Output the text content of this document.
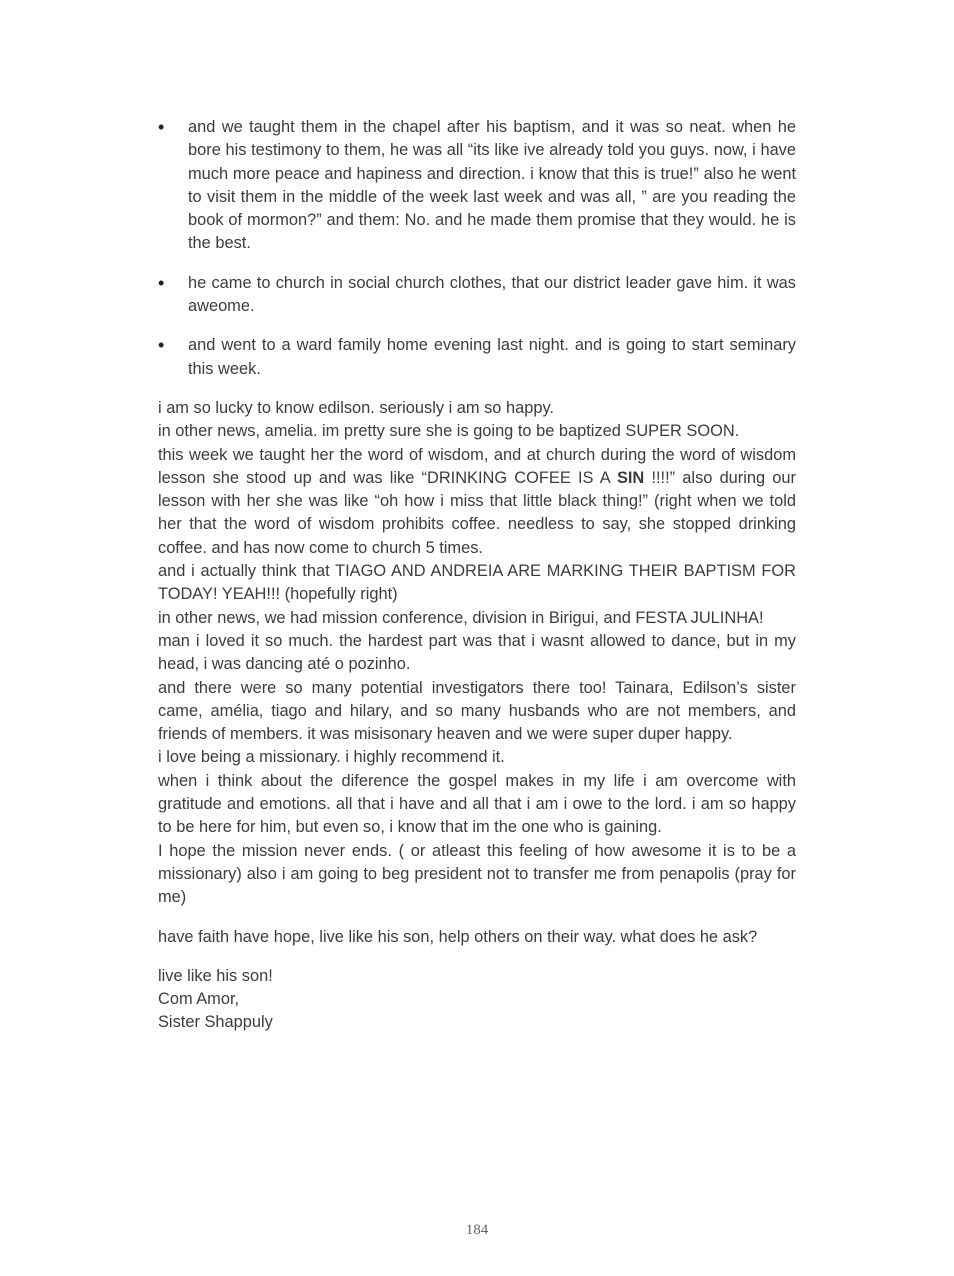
• and we taught them in the chapel after his baptism, and it was so neat. when he bore his testimony to them, he was all “its like ive already told you guys. now, i have much more peace and hapiness and direction. i know that this is true!” also he went to visit them in the middle of the week last week and was all, ” are you reading the book of mormon?” and them: No. and he made them promise that they would. he is the best.
• he came to church in social church clothes, that our district leader gave him. it was aweome.
• and went to a ward family home evening last night. and is going to start seminary this week.
i am so lucky to know edilson. seriously i am so happy.
in other news, amelia. im pretty sure she is going to be baptized SUPER SOON.
this week we taught her the word of wisdom, and at church during the word of wisdom lesson she stood up and was like “DRINKING COFEE IS A SIN !!!!” also during our lesson with her she was like “oh how i miss that little black thing!” (right when we told her that the word of wisdom prohibits coffee. needless to say, she stopped drinking coffee. and has now come to church 5 times.
and i actually think that TIAGO AND ANDREIA ARE MARKING THEIR BAPTISM FOR TODAY! YEAH!!! (hopefully right)
in other news, we had mission conference, division in Birigui, and FESTA JULINHA!
man i loved it so much. the hardest part was that i wasnt allowed to dance, but in my head, i was dancing até o pozinho.
and there were so many potential investigators there too! Tainara, Edilson’s sister came, amélia, tiago and hilary, and so many husbands who are not members, and friends of members. it was misisonary heaven and we were super duper happy.
i love being a missionary. i highly recommend it.
when i think about the diference the gospel makes in my life i am overcome with gratitude and emotions. all that i have and all that i am i owe to the lord. i am so happy to be here for him, but even so, i know that im the one who is gaining.
I hope the mission never ends. ( or atleast this feeling of how awesome it is to be a missionary) also i am going to beg president not to transfer me from penapolis (pray for me)

have faith have hope, live like his son, help others on their way. what does he ask?

live like his son!
Com Amor,
Sister Shappuly
184
